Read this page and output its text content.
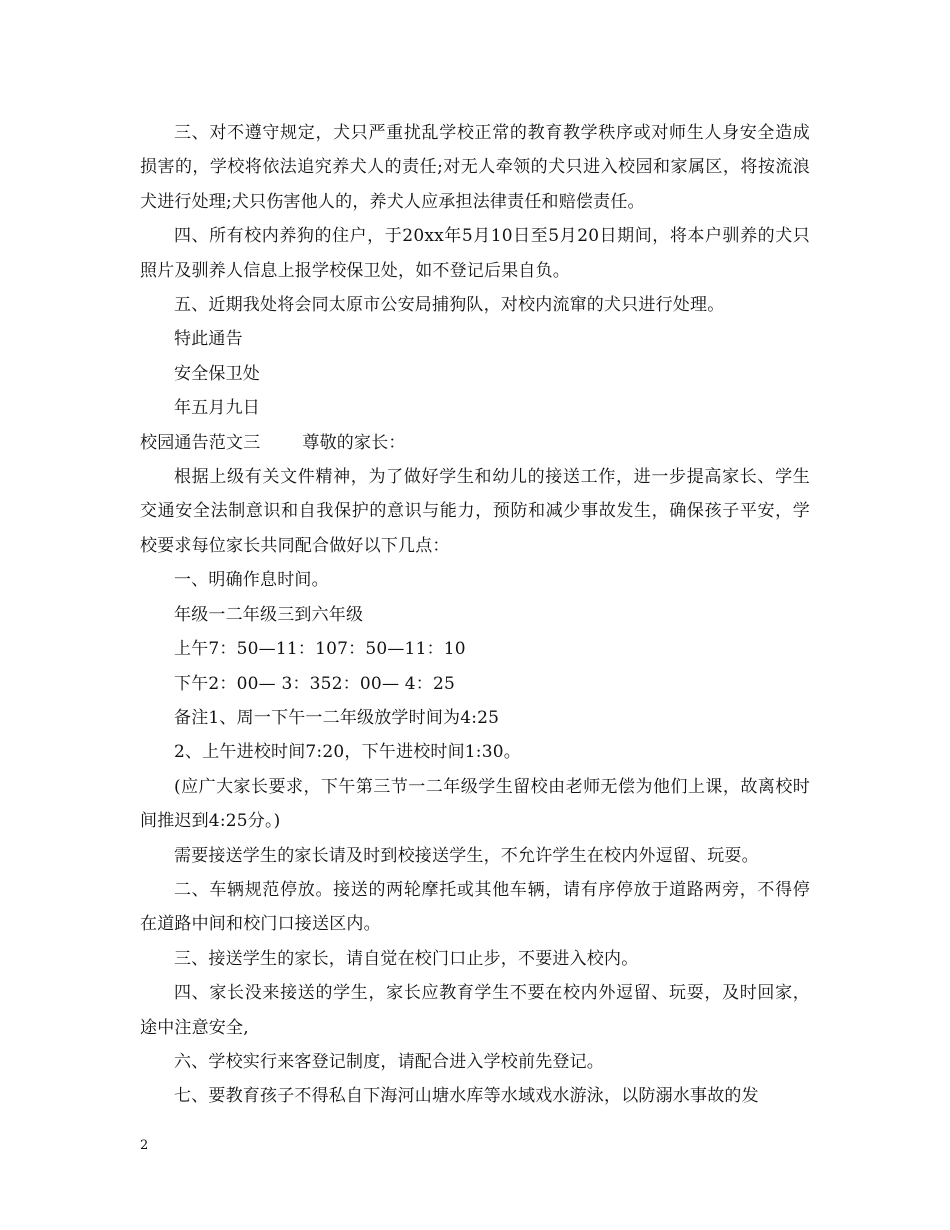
三、对不遵守规定，犬只严重扰乱学校正常的教育教学秩序或对师生人身安全造成损害的，学校将依法追究养犬人的责任;对无人牵领的犬只进入校园和家属区，将按流浪犬进行处理;犬只伤害他人的，养犬人应承担法律责任和赔偿责任。

四、所有校内养狗的住户，于20xx年5月10日至5月20日期间，将本户驯养的犬只照片及驯养人信息上报学校保卫处，如不登记后果自负。

五、近期我处将会同太原市公安局捕狗队，对校内流窜的犬只进行处理。

特此通告

安全保卫处

年五月九日

校园通告范文三 尊敬的家长：

根据上级有关文件精神，为了做好学生和幼儿的接送工作，进一步提高家长、学生交通安全法制意识和自我保护的意识与能力，预防和减少事故发生，确保孩子平安，学校要求每位家长共同配合做好以下几点：

一、明确作息时间。

年级一二年级三到六年级

上午7：50—11：107：50—11：10

下午2：00— 3：352：00— 4：25

备注1、周一下午一二年级放学时间为4:25

2、上午进校时间7:20，下午进校时间1:30。

(应广大家长要求，下午第三节一二年级学生留校由老师无偿为他们上课，故离校时间推迟到4:25分。)

需要接送学生的家长请及时到校接送学生，不允许学生在校内外逗留、玩耍。

二、车辆规范停放。接送的两轮摩托或其他车辆，请有序停放于道路两旁，不得停在道路中间和校门口接送区内。

三、接送学生的家长，请自觉在校门口止步，不要进入校内。

四、家长没来接送的学生，家长应教育学生不要在校内外逗留、玩耍，及时回家，途中注意安全,

六、学校实行来客登记制度，请配合进入学校前先登记。

七、要教育孩子不得私自下海河山塘水库等水域戏水游泳，以防溺水事故的发

2
